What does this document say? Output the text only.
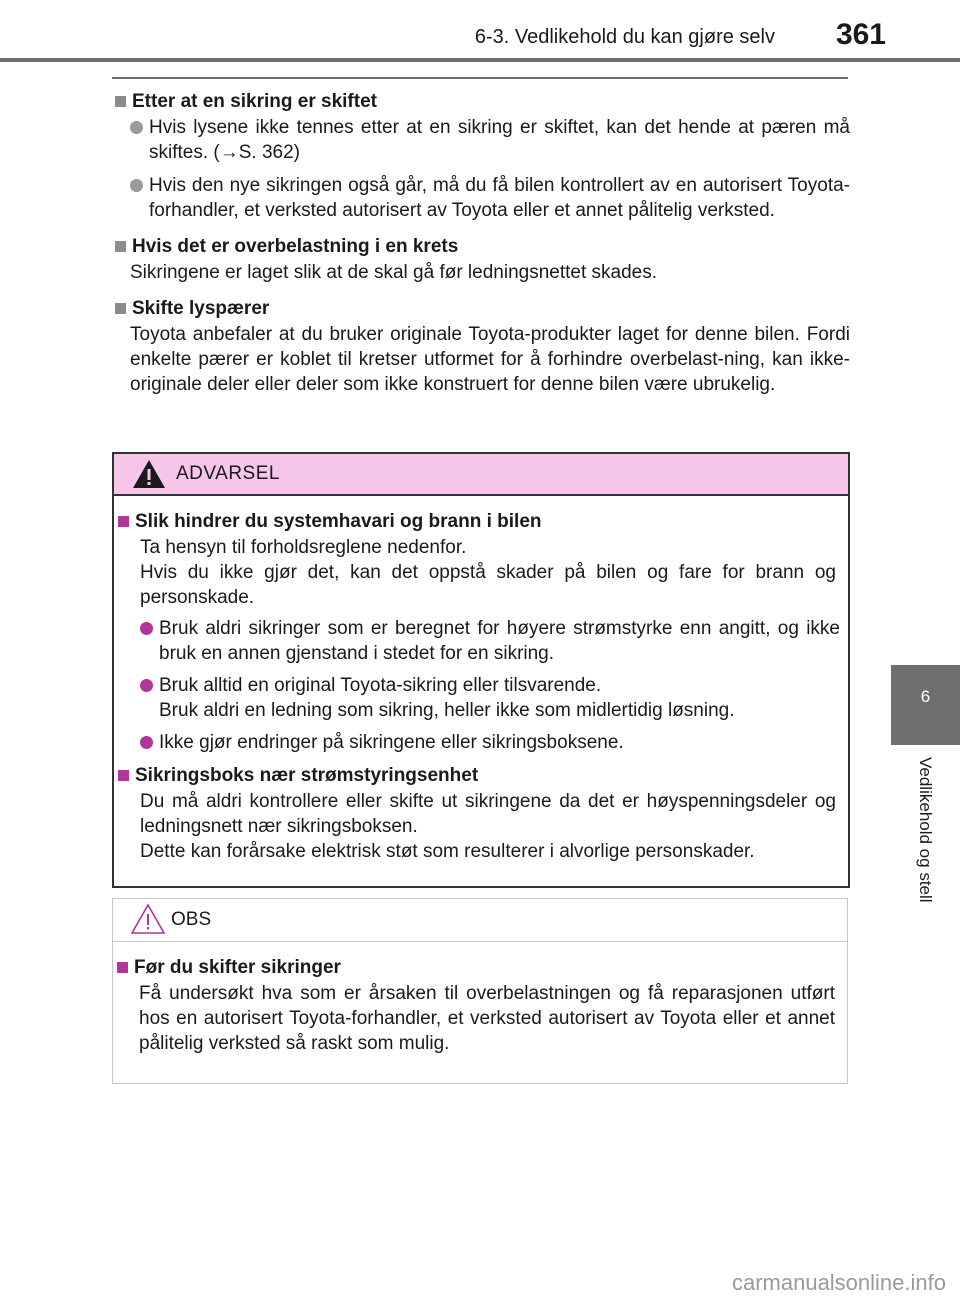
6-3. Vedlikehold du kan gjøre selv 361
6
Vedlikehold og stell
Etter at en sikring er skiftet
Hvis lysene ikke tennes etter at en sikring er skiftet, kan det hende at pæren må skiftes. (→S. 362)
Hvis den nye sikringen også går, må du få bilen kontrollert av en autorisert Toyota-forhandler, et verksted autorisert av Toyota eller et annet pålitelig verksted.
Hvis det er overbelastning i en krets
Sikringene er laget slik at de skal gå før ledningsnettet skades.
Skifte lyspærer
Toyota anbefaler at du bruker originale Toyota-produkter laget for denne bilen. Fordi enkelte pærer er koblet til kretser utformet for å forhindre overbelast-ning, kan ikke-originale deler eller deler som ikke konstruert for denne bilen være ubrukelig.
ADVARSEL
Slik hindrer du systemhavari og brann i bilen
Ta hensyn til forholdsreglene nedenfor.
Hvis du ikke gjør det, kan det oppstå skader på bilen og fare for brann og personskade.
Bruk aldri sikringer som er beregnet for høyere strømstyrke enn angitt, og ikke bruk en annen gjenstand i stedet for en sikring.
Bruk alltid en original Toyota-sikring eller tilsvarende.
Bruk aldri en ledning som sikring, heller ikke som midlertidig løsning.
Ikke gjør endringer på sikringene eller sikringsboksene.
Sikringsboks nær strømstyringsenhet
Du må aldri kontrollere eller skifte ut sikringene da det er høyspenningsdeler og ledningsnett nær sikringsboksen.
Dette kan forårsake elektrisk støt som resulterer i alvorlige personskader.
OBS
Før du skifter sikringer
Få undersøkt hva som er årsaken til overbelastningen og få reparasjonen utført hos en autorisert Toyota-forhandler, et verksted autorisert av Toyota eller et annet pålitelig verksted så raskt som mulig.
carmanualsonline.info
